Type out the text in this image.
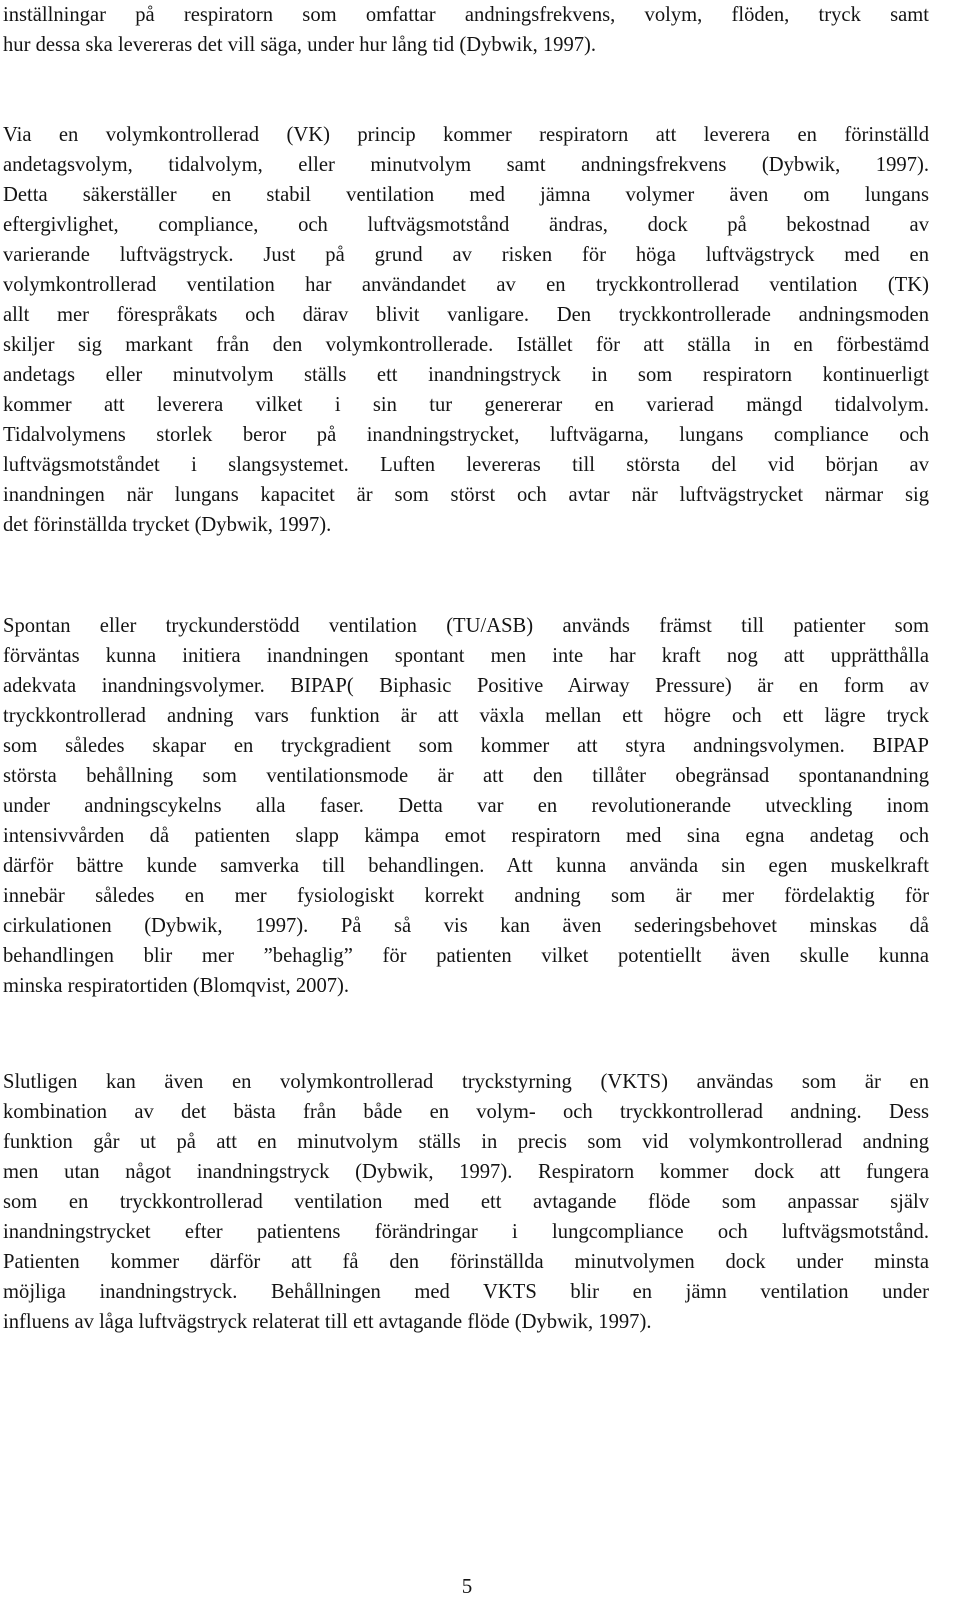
inställningar på respiratorn som omfattar andningsfrekvens, volym, flöden, tryck samt
hur dessa ska levereras det vill säga, under hur lång tid (Dybwik, 1997).
Via en volymkontrollerad (VK) princip kommer respiratorn att leverera en förinställd
andetagsvolym, tidalvolym, eller minutvolym samt andningsfrekvens (Dybwik, 1997).
Detta säkerställer en stabil ventilation med jämna volymer även om lungans
eftergivlighet, compliance, och luftvägsmotstånd ändras, dock på bekostnad av
varierande luftvägstryck. Just på grund av risken för höga luftvägstryck med en
volymkontrollerad ventilation har användandet av en tryckkontrollerad ventilation (TK)
allt mer förespråkats och därav blivit vanligare. Den tryckkontrollerade andningsmoden
skiljer sig markant från den volymkontrollerade. Istället för att ställa in en förbestämd
andetags eller minutvolym ställs ett inandningstryck in som respiratorn kontinuerligt
kommer att leverera vilket i sin tur genererar en varierad mängd tidalvolym.
Tidalvolymens storlek beror på inandningstrycket, luftvägarna, lungans compliance och
luftvägsmotståndet i slangsystemet. Luften levereras till största del vid början av
inandningen när lungans kapacitet är som störst och avtar när luftvägstrycket närmar sig
det förinställda trycket (Dybwik, 1997).
Spontan eller tryckunderstödd ventilation (TU/ASB) används främst till patienter som
förväntas kunna initiera inandningen spontant men inte har kraft nog att upprätthålla
adekvata inandningsvolymer. BIPAP( Biphasic Positive Airway Pressure) är en form av
tryckkontrollerad andning vars funktion är att växla mellan ett högre och ett lägre tryck
som således skapar en tryckgradient som kommer att styra andningsvolymen. BIPAP
största behållning som ventilationsmode är att den tillåter obegränsad spontanandning
under andningscykelns alla faser. Detta var en revolutionerande utveckling inom
intensivvården då patienten slapp kämpa emot respiratorn med sina egna andetag och
därför bättre kunde samverka till behandlingen. Att kunna använda sin egen muskelkraft
innebär således en mer fysiologiskt korrekt andning som är mer fördelaktig för
cirkulationen (Dybwik, 1997). På så vis kan även sederingsbehovet minskas då
behandlingen blir mer ”behaglig” för patienten vilket potentiellt även skulle kunna
minska respiratortiden (Blomqvist, 2007).
Slutligen kan även en volymkontrollerad tryckstyrning (VKTS) användas som är en
kombination av det bästa från både en volym- och tryckkontrollerad andning. Dess
funktion går ut på att en minutvolym ställs in precis som vid volymkontrollerad andning
men utan något inandningstryck (Dybwik, 1997). Respiratorn kommer dock att fungera
som en tryckkontrollerad ventilation med ett avtagande flöde som anpassar själv
inandningstrycket efter patientens förändringar i lungcompliance och luftvägsmotstånd.
Patienten kommer därför att få den förinställda minutvolymen dock under minsta
möjliga inandningstryck. Behållningen med VKTS blir en jämn ventilation under
influens av låga luftvägstryck relaterat till ett avtagande flöde (Dybwik, 1997).
5
